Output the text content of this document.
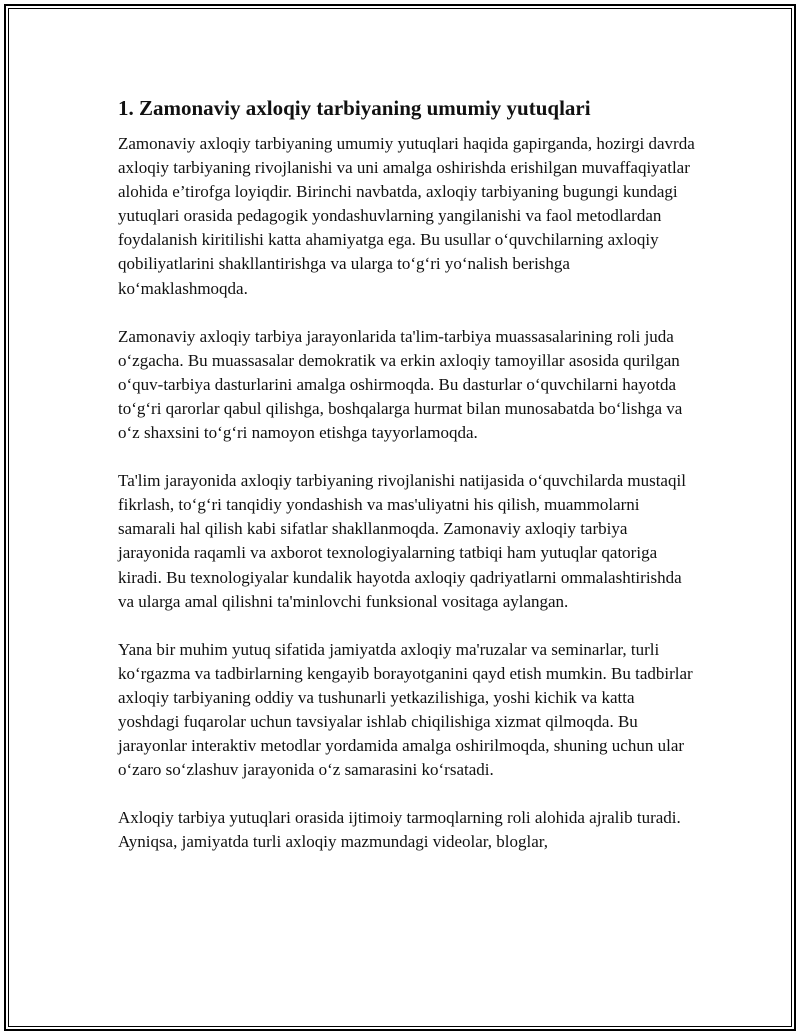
1. Zamonaviy axloqiy tarbiyaning umumiy yutuqlari

Zamonaviy axloqiy tarbiyaning umumiy yutuqlari haqida gapirganda, hozirgi davrda axloqiy tarbiyaning rivojlanishi va uni amalga oshirishda erishilgan muvaffaqiyatlar alohida e’tirofga loyiqdir. Birinchi navbatda, axloqiy tarbiyaning bugungi kundagi yutuqlari orasida pedagogik yondashuvlarning yangilanishi va faol metodlardan foydalanish kiritilishi katta ahamiyatga ega. Bu usullar o‘quvchilarning axloqiy qobiliyatlarini shakllantirishga va ularga to‘g‘ri yo‘nalish berishga ko‘maklashmoqda.

Zamonaviy axloqiy tarbiya jarayonlarida ta'lim-tarbiya muassasalarining roli juda o‘zgacha. Bu muassasalar demokratik va erkin axloqiy tamoyillar asosida qurilgan o‘quv-tarbiya dasturlarini amalga oshirmoqda. Bu dasturlar o‘quvchilarni hayotda to‘g‘ri qarorlar qabul qilishga, boshqalarga hurmat bilan munosabatda bo‘lishga va o‘z shaxsini to‘g‘ri namoyon etishga tayyorlamoqda.

Ta'lim jarayonida axloqiy tarbiyaning rivojlanishi natijasida o‘quvchilarda mustaqil fikrlash, to‘g‘ri tanqidiy yondashish va mas'uliyatni his qilish, muammolarni samarali hal qilish kabi sifatlar shakllanmoqda. Zamonaviy axloqiy tarbiya jarayonida raqamli va axborot texnologiyalarning tatbiqi ham yutuqlar qatoriga kiradi. Bu texnologiyalar kundalik hayotda axloqiy qadriyatlarni ommalashtirishda va ularga amal qilishni ta'minlovchi funksional vositaga aylangan.

Yana bir muhim yutuq sifatida jamiyatda axloqiy ma'ruzalar va seminarlar, turli ko‘rgazma va tadbirlarning kengayib borayotganini qayd etish mumkin. Bu tadbirlar axloqiy tarbiyaning oddiy va tushunarli yetkazilishiga, yoshi kichik va katta yoshdagi fuqarolar uchun tavsiyalar ishlab chiqilishiga xizmat qilmoqda. Bu jarayonlar interaktiv metodlar yordamida amalga oshirilmoqda, shuning uchun ular o‘zaro so‘zlashuv jarayonida o‘z samarasini ko‘rsatadi.

Axloqiy tarbiya yutuqlari orasida ijtimoiy tarmoqlarning roli alohida ajralib turadi. Ayniqsa, jamiyatda turli axloqiy mazmundagi videolar, bloglar,
